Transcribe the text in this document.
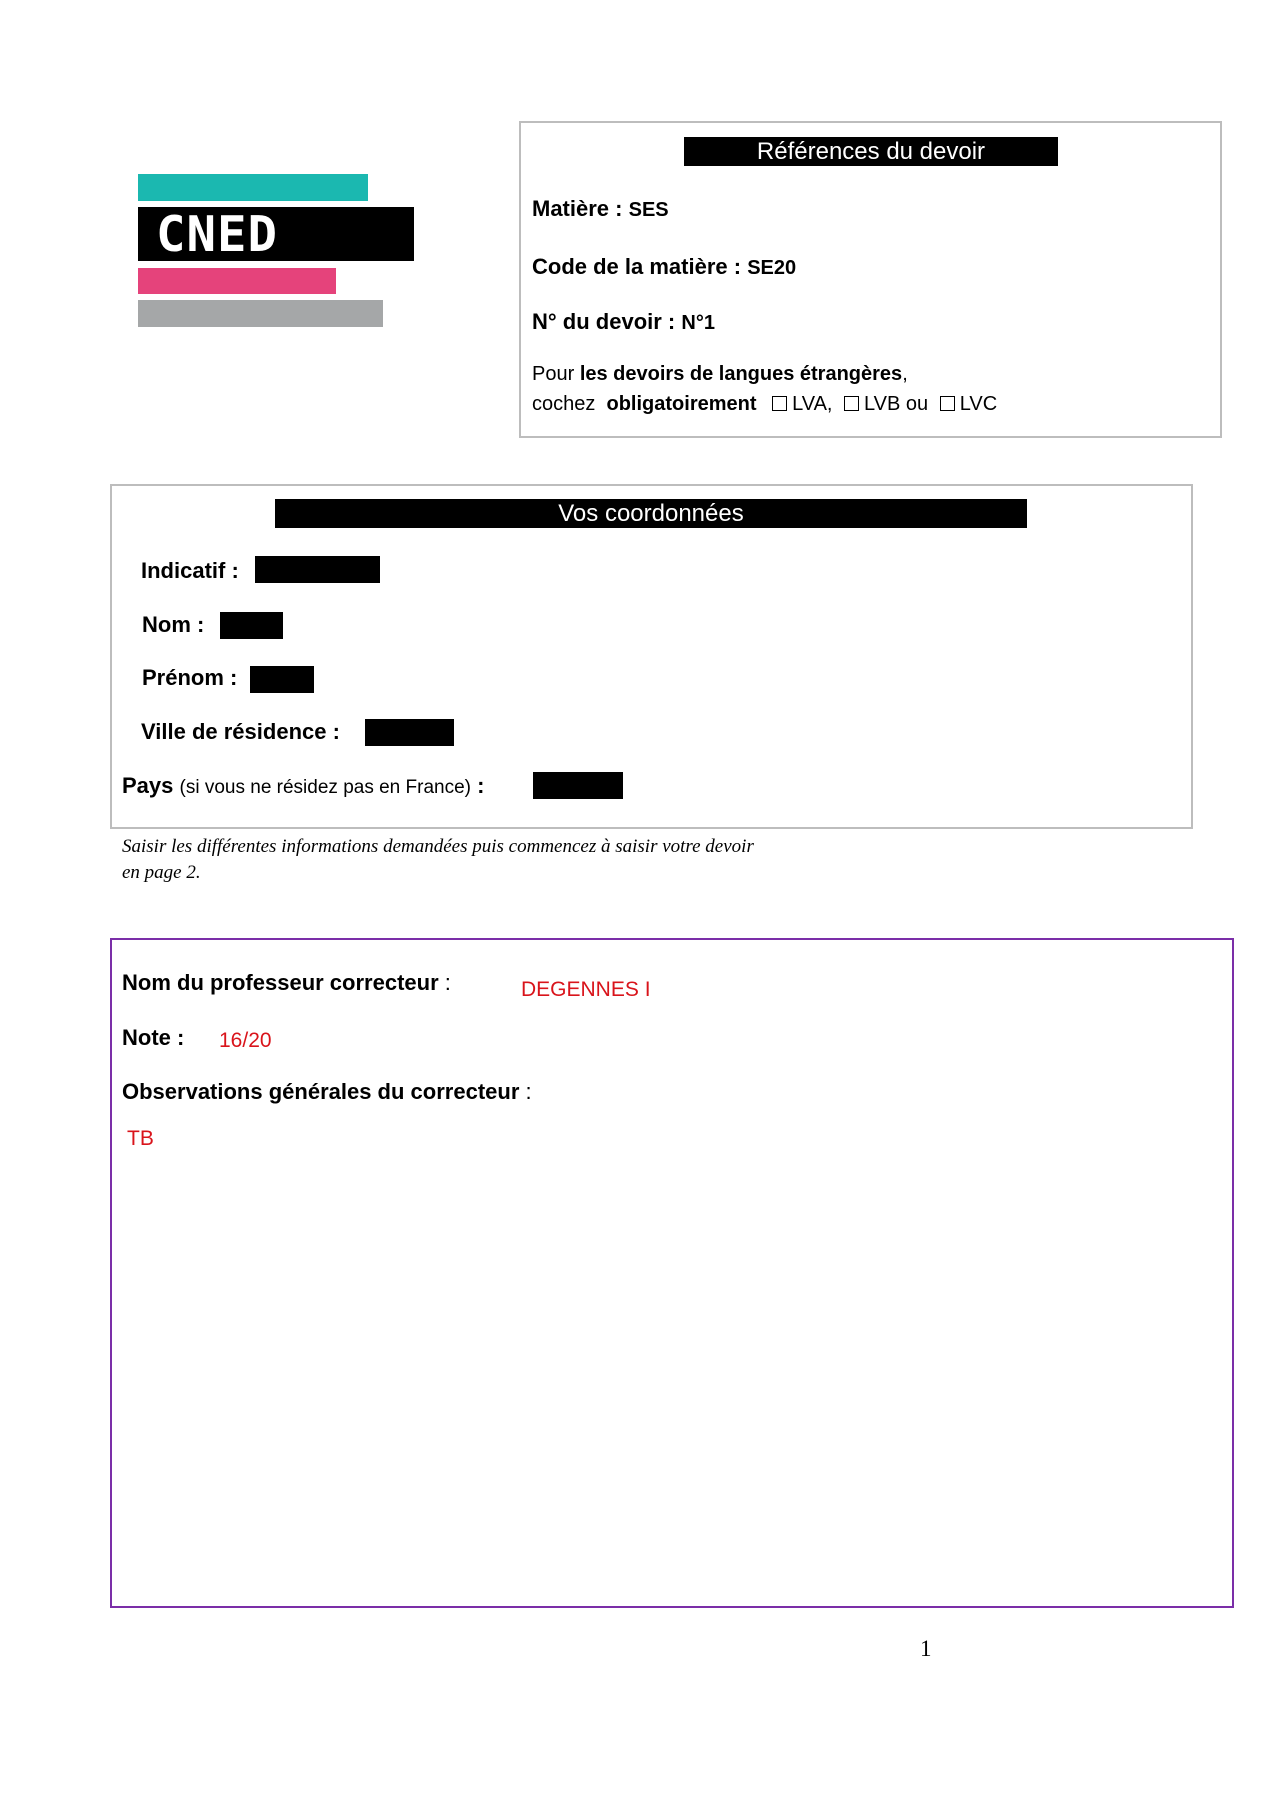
CNED
Références du devoir
Matière : SES
Code de la matière : SE20
N° du devoir : N°1
Pour les devoirs de langues étrangères,
cochez obligatoirement LVA, LVB ou LVC
Vos coordonnées
Indicatif :
Nom :
Prénom :
Ville de résidence :
Pays (si vous ne résidez pas en France) :
Saisir les différentes informations demandées puis commencez à saisir votre devoir en page 2.
Nom du professeur correcteur :	DEGENNES I
Note : 16/20
Observations générales du correcteur :
TB
1
